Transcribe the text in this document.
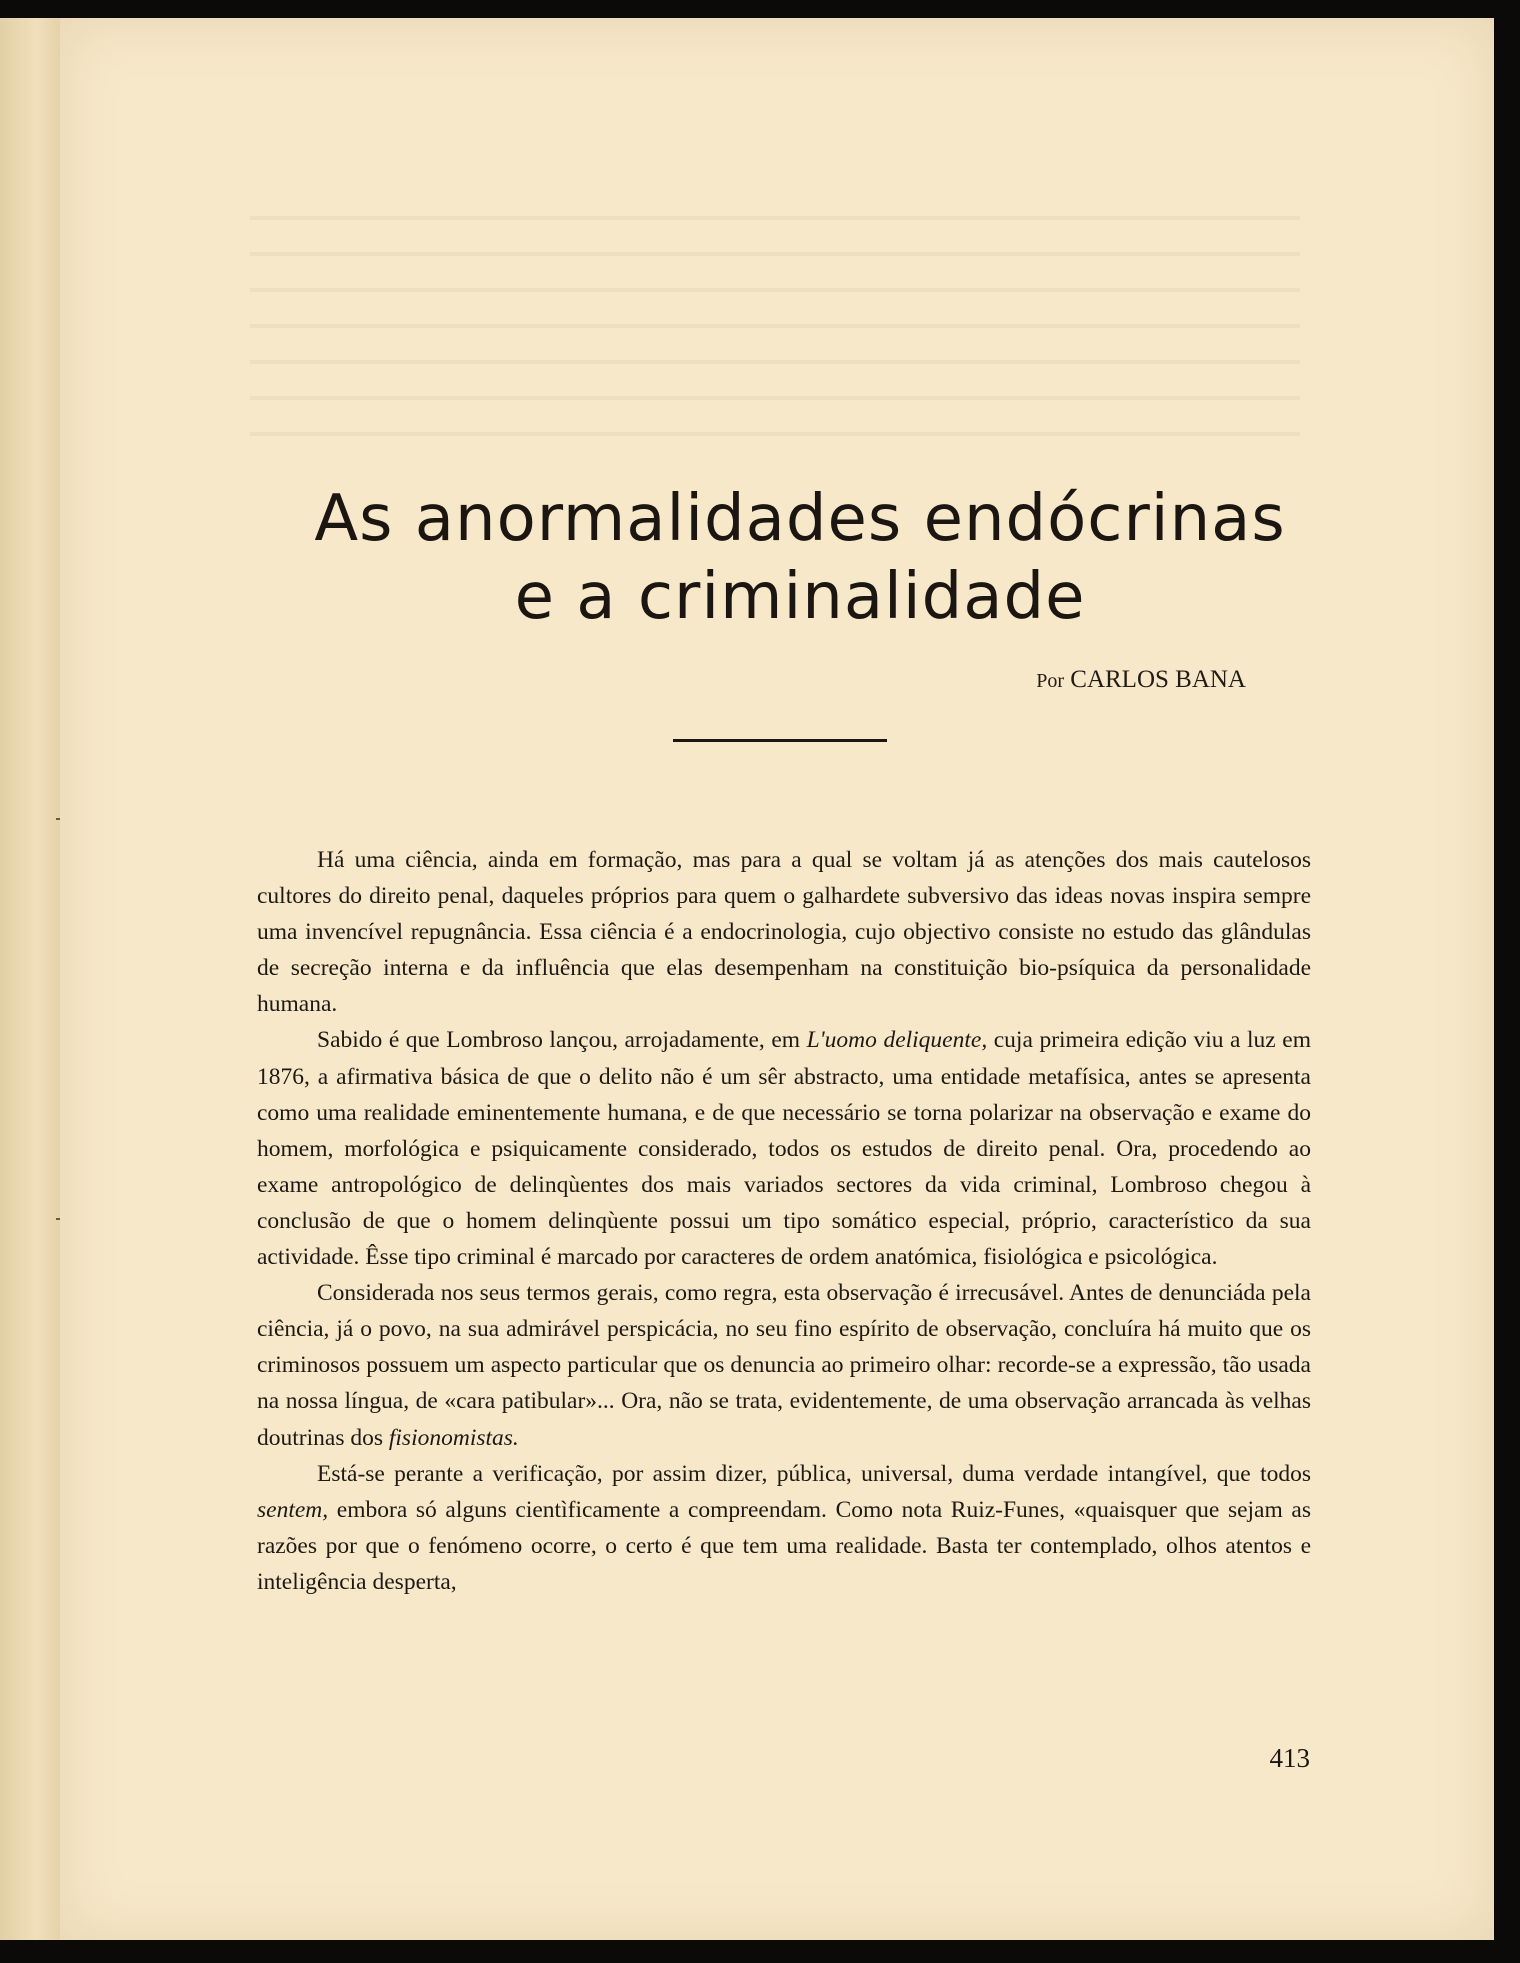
As anormalidades endócrinas
e a criminalidade
Por CARLOS BANA

Há uma ciência, ainda em formação, mas para a qual se voltam já as atenções dos mais cautelosos cultores do direito penal, daqueles próprios para quem o galhardete subversivo das ideas novas inspira sempre uma invencível repugnância. Essa ciência é a endocrinologia, cujo objectivo consiste no estudo das glândulas de secreção interna e da influência que elas desempenham na constituição bio-psíquica da personalidade humana.

Sabido é que Lombroso lançou, arrojadamente, em L'uomo deliquente, cuja primeira edição viu a luz em 1876, a afirmativa básica de que o delito não é um sêr abstracto, uma entidade metafísica, antes se apresenta como uma realidade eminentemente humana, e de que necessário se torna polarizar na observação e exame do homem, morfológica e psiquicamente considerado, todos os estudos de direito penal. Ora, procedendo ao exame antropológico de delinqùentes dos mais variados sectores da vida criminal, Lombroso chegou à conclusão de que o homem delinqùente possui um tipo somático especial, próprio, característico da sua actividade. Êsse tipo criminal é marcado por caracteres de ordem anatómica, fisiológica e psicológica.

Considerada nos seus termos gerais, como regra, esta observação é irrecusável. Antes de denunciáda pela ciência, já o povo, na sua admirável perspicácia, no seu fino espírito de observação, concluíra há muito que os criminosos possuem um aspecto particular que os denuncia ao primeiro olhar: recorde-se a expressão, tão usada na nossa língua, de «cara patibular»... Ora, não se trata, evidentemente, de uma observação arrancada às velhas doutrinas dos fisionomistas.

Está-se perante a verificação, por assim dizer, pública, universal, duma verdade intangível, que todos sentem, embora só alguns cientìficamente a compreendam. Como nota Ruiz-Funes, «quaisquer que sejam as razões por que o fenómeno ocorre, o certo é que tem uma realidade. Basta ter contemplado, olhos atentos e inteligência desperta,

413
